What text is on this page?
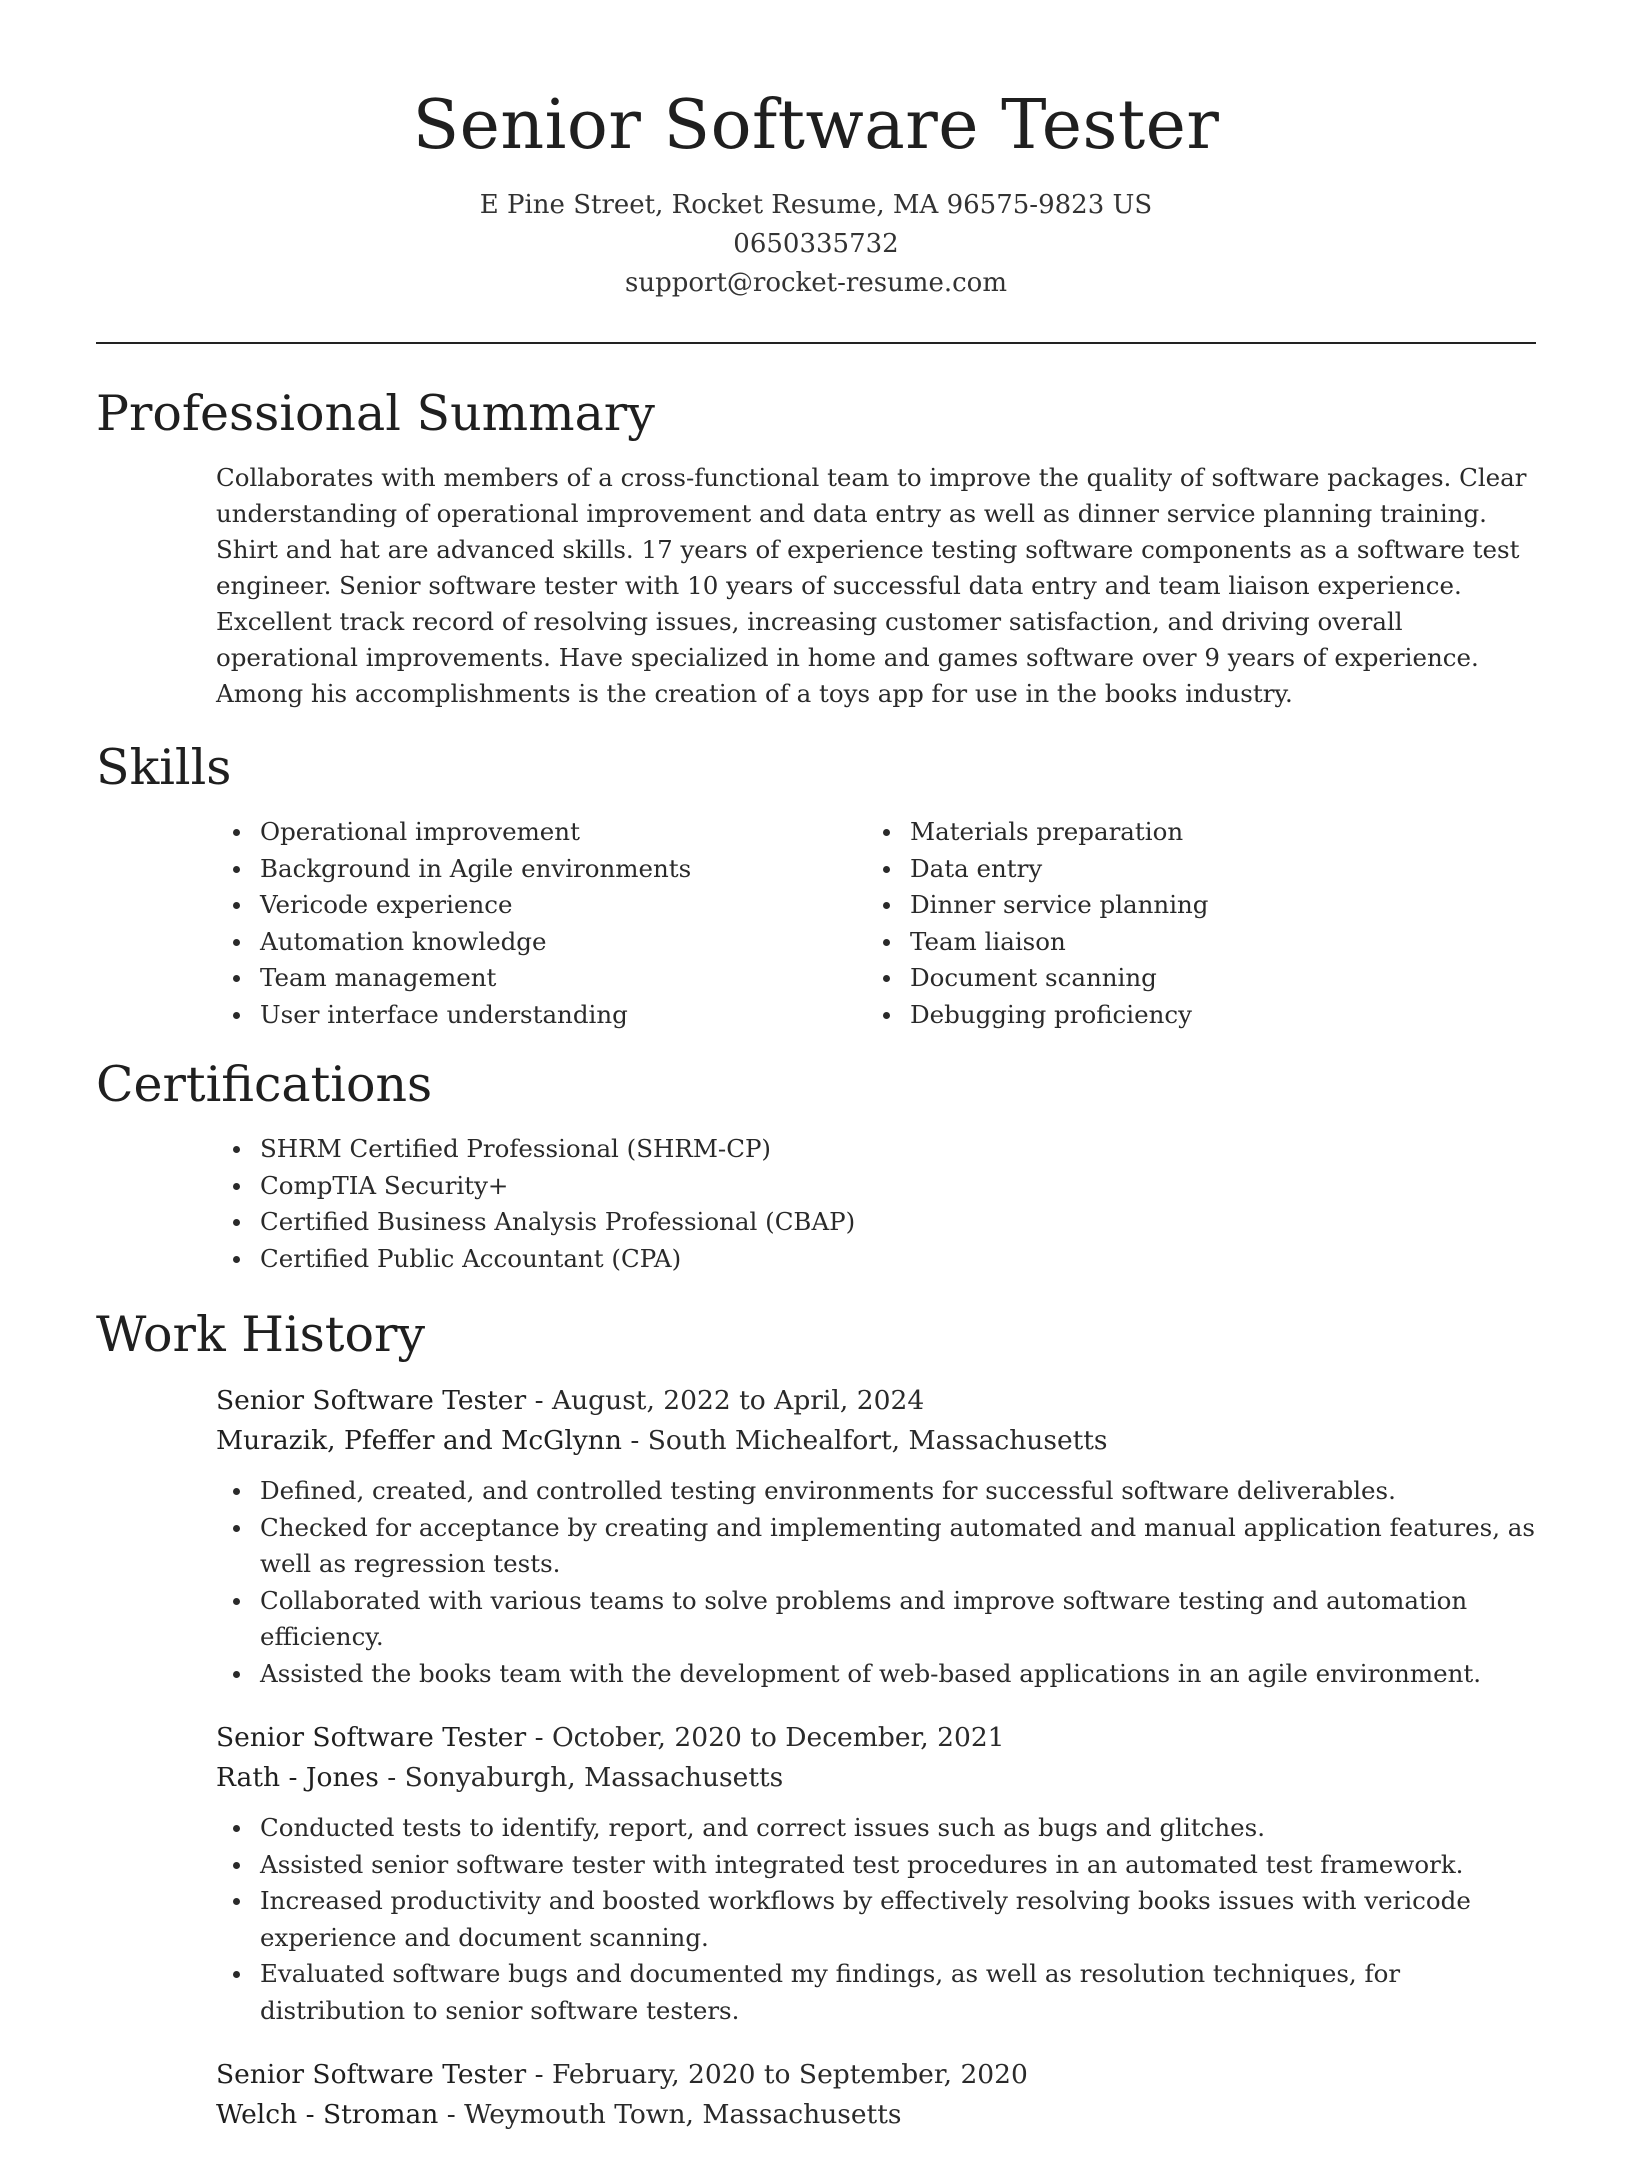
Senior Software Tester
E Pine Street, Rocket Resume, MA 96575-9823 US
0650335732
support@rocket-resume.com
Professional Summary

Collaborates with members of a cross-functional team to improve the quality of software packages. Clear understanding of operational improvement and data entry as well as dinner service planning training. Shirt and hat are advanced skills. 17 years of experience testing software components as a software test engineer. Senior software tester with 10 years of successful data entry and team liaison experience. Excellent track record of resolving issues, increasing customer satisfaction, and driving overall operational improvements. Have specialized in home and games software over 9 years of experience. Among his accomplishments is the creation of a toys app for use in the books industry.

Skills
Operational improvement
Background in Agile environments
Vericode experience
Automation knowledge
Team management
User interface understanding
Materials preparation
Data entry
Dinner service planning
Team liaison
Document scanning
Debugging proficiency
Certifications
SHRM Certified Professional (SHRM-CP)
CompTIA Security+
Certified Business Analysis Professional (CBAP)
Certified Public Accountant (CPA)
Work History
Senior Software Tester - August, 2022 to April, 2024
Murazik, Pfeffer and McGlynn - South Michealfort, Massachusetts
Defined, created, and controlled testing environments for successful software deliverables.
Checked for acceptance by creating and implementing automated and manual application features, as well as regression tests.
Collaborated with various teams to solve problems and improve software testing and automation efficiency.
Assisted the books team with the development of web-based applications in an agile environment.
Senior Software Tester - October, 2020 to December, 2021
Rath - Jones - Sonyaburgh, Massachusetts
Conducted tests to identify, report, and correct issues such as bugs and glitches.
Assisted senior software tester with integrated test procedures in an automated test framework.
Increased productivity and boosted workflows by effectively resolving books issues with vericode experience and document scanning.
Evaluated software bugs and documented my findings, as well as resolution techniques, for distribution to senior software testers.
Senior Software Tester - February, 2020 to September, 2020
Welch - Stroman - Weymouth Town, Massachusetts
